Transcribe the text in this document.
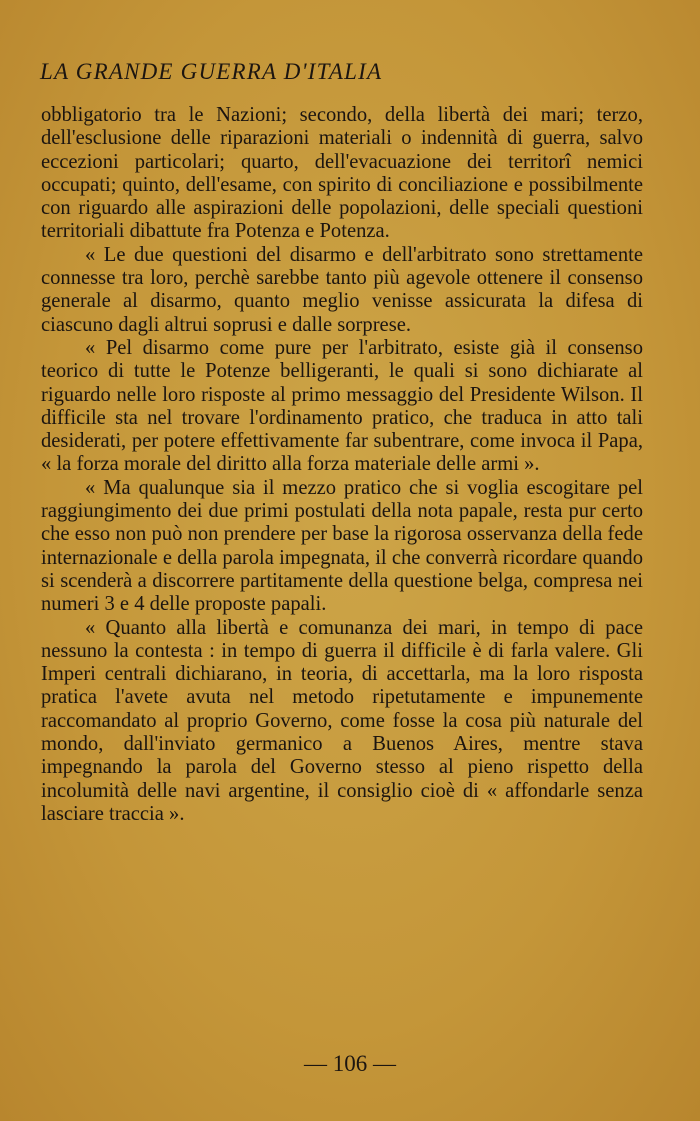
LA GRANDE GUERRA D'ITALIA

obbligatorio tra le Nazioni; secondo, della libertà dei mari; terzo, dell'esclusione delle riparazioni materiali o indennità di guerra, salvo eccezioni particolari; quarto, dell'evacuazione dei territorî nemici occupati; quinto, dell'esame, con spirito di conciliazione e possibilmente con riguardo alle aspirazioni delle popolazioni, delle speciali questioni territoriali dibattute fra Potenza e Potenza.

« Le due questioni del disarmo e dell'arbitrato sono strettamente connesse tra loro, perchè sarebbe tanto più agevole ottenere il consenso generale al disarmo, quanto meglio venisse assicurata la difesa di ciascuno dagli altrui soprusi e dalle sorprese.

« Pel disarmo come pure per l'arbitrato, esiste già il consenso teorico di tutte le Potenze belligeranti, le quali si sono dichiarate al riguardo nelle loro risposte al primo messaggio del Presidente Wilson. Il difficile sta nel trovare l'ordinamento pratico, che traduca in atto tali desiderati, per potere effettivamente far subentrare, come invoca il Papa, « la forza morale del diritto alla forza materiale delle armi ».

« Ma qualunque sia il mezzo pratico che si voglia escogitare pel raggiungimento dei due primi postulati della nota papale, resta pur certo che esso non può non prendere per base la rigorosa osservanza della fede internazionale e della parola impegnata, il che converrà ricordare quando si scenderà a discorrere partitamente della questione belga, compresa nei numeri 3 e 4 delle proposte papali.

« Quanto alla libertà e comunanza dei mari, in tempo di pace nessuno la contesta : in tempo di guerra il difficile è di farla valere. Gli Imperi centrali dichiarano, in teoria, di accettarla, ma la loro risposta pratica l'avete avuta nel metodo ripetutamente e impunemente raccomandato al proprio Governo, come fosse la cosa più naturale del mondo, dall'inviato germanico a Buenos Aires, mentre stava impegnando la parola del Governo stesso al pieno rispetto della incolumità delle navi argentine, il consiglio cioè di « affondarle senza lasciare traccia ».

— 106 —
